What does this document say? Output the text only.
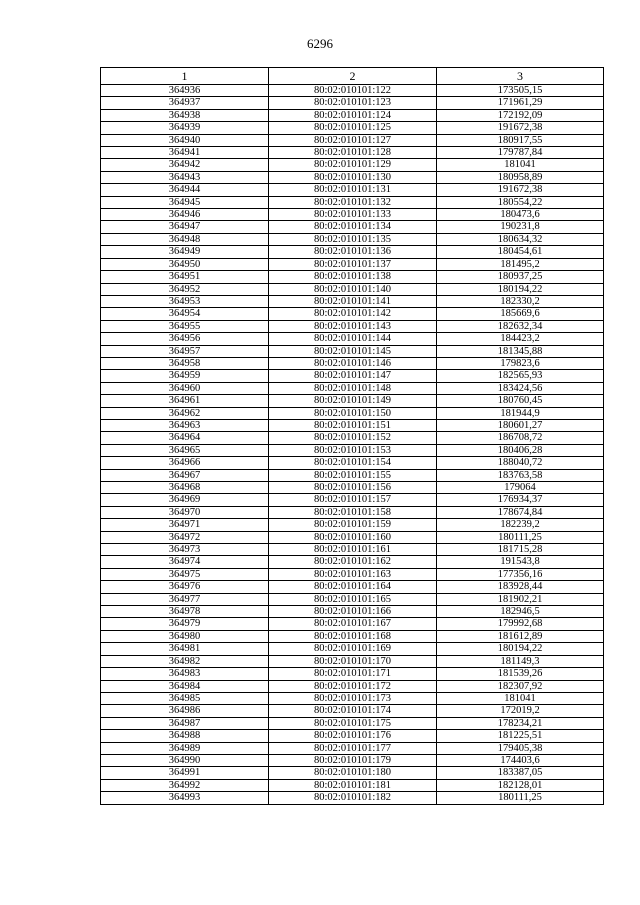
6296
1	2	3
364936	80:02:010101:122	173505,15
364937	80:02:010101:123	171961,29
364938	80:02:010101:124	172192,09
364939	80:02:010101:125	191672,38
364940	80:02:010101:127	180917,55
364941	80:02:010101:128	179787,84
364942	80:02:010101:129	181041
364943	80:02:010101:130	180958,89
364944	80:02:010101:131	191672,38
364945	80:02:010101:132	180554,22
364946	80:02:010101:133	180473,6
364947	80:02:010101:134	190231,8
364948	80:02:010101:135	180634,32
364949	80:02:010101:136	180454,61
364950	80:02:010101:137	181495,2
364951	80:02:010101:138	180937,25
364952	80:02:010101:140	180194,22
364953	80:02:010101:141	182330,2
364954	80:02:010101:142	185669,6
364955	80:02:010101:143	182632,34
364956	80:02:010101:144	184423,2
364957	80:02:010101:145	181345,88
364958	80:02:010101:146	179823,6
364959	80:02:010101:147	182565,93
364960	80:02:010101:148	183424,56
364961	80:02:010101:149	180760,45
364962	80:02:010101:150	181944,9
364963	80:02:010101:151	180601,27
364964	80:02:010101:152	186708,72
364965	80:02:010101:153	180406,28
364966	80:02:010101:154	188040,72
364967	80:02:010101:155	183763,58
364968	80:02:010101:156	179064
364969	80:02:010101:157	176934,37
364970	80:02:010101:158	178674,84
364971	80:02:010101:159	182239,2
364972	80:02:010101:160	180111,25
364973	80:02:010101:161	181715,28
364974	80:02:010101:162	191543,8
364975	80:02:010101:163	177356,16
364976	80:02:010101:164	183928,44
364977	80:02:010101:165	181902,21
364978	80:02:010101:166	182946,5
364979	80:02:010101:167	179992,68
364980	80:02:010101:168	181612,89
364981	80:02:010101:169	180194,22
364982	80:02:010101:170	181149,3
364983	80:02:010101:171	181539,26
364984	80:02:010101:172	182307,92
364985	80:02:010101:173	181041
364986	80:02:010101:174	172019,2
364987	80:02:010101:175	178234,21
364988	80:02:010101:176	181225,51
364989	80:02:010101:177	179405,38
364990	80:02:010101:179	174403,6
364991	80:02:010101:180	183387,05
364992	80:02:010101:181	182128,01
364993	80:02:010101:182	180111,25
